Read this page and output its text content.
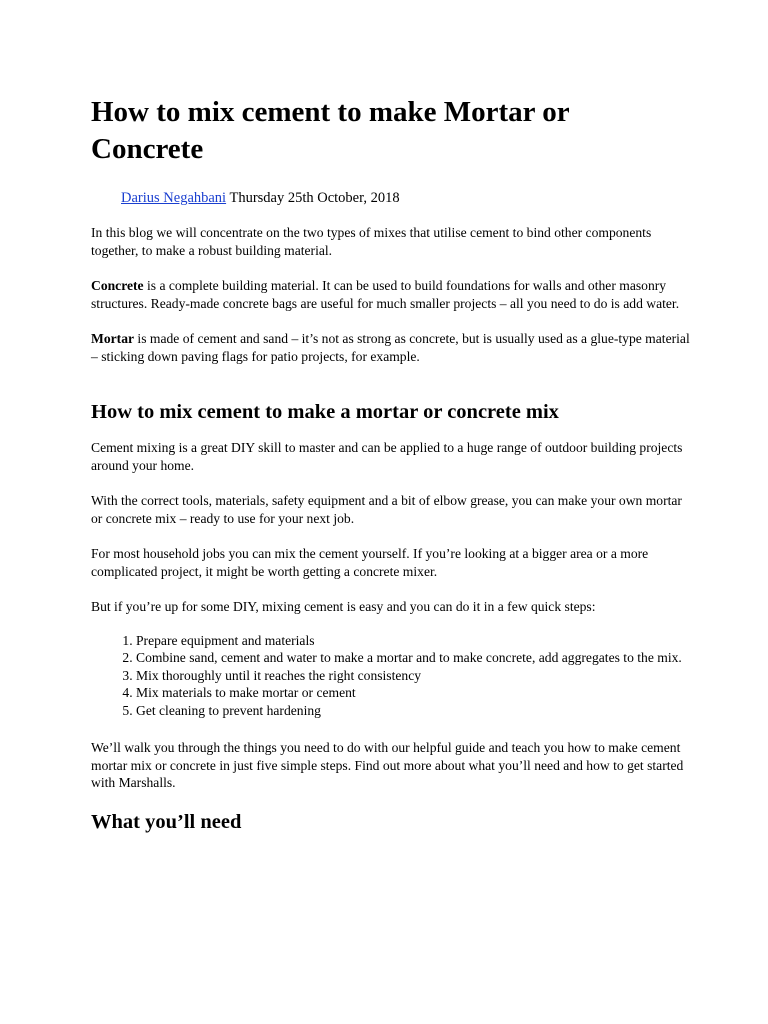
How to mix cement to make Mortar or Concrete
Darius Negahbani Thursday 25th October, 2018

In this blog we will concentrate on the two types of mixes that utilise cement to bind other components together, to make a robust building material.

Concrete is a complete building material. It can be used to build foundations for walls and other masonry structures. Ready-made concrete bags are useful for much smaller projects – all you need to do is add water.

Mortar is made of cement and sand – it’s not as strong as concrete, but is usually used as a glue-type material – sticking down paving flags for patio projects, for example.

How to mix cement to make a mortar or concrete mix

Cement mixing is a great DIY skill to master and can be applied to a huge range of outdoor building projects around your home.

With the correct tools, materials, safety equipment and a bit of elbow grease, you can make your own mortar or concrete mix – ready to use for your next job.

For most household jobs you can mix the cement yourself. If you’re looking at a bigger area or a more complicated project, it might be worth getting a concrete mixer.

But if you’re up for some DIY, mixing cement is easy and you can do it in a few quick steps:

1. Prepare equipment and materials
2. Combine sand, cement and water to make a mortar and to make concrete, add aggregates to the mix.
3. Mix thoroughly until it reaches the right consistency
4. Mix materials to make mortar or cement
5. Get cleaning to prevent hardening

We’ll walk you through the things you need to do with our helpful guide and teach you how to make cement mortar mix or concrete in just five simple steps. Find out more about what you’ll need and how to get started with Marshalls.

What you’ll need
